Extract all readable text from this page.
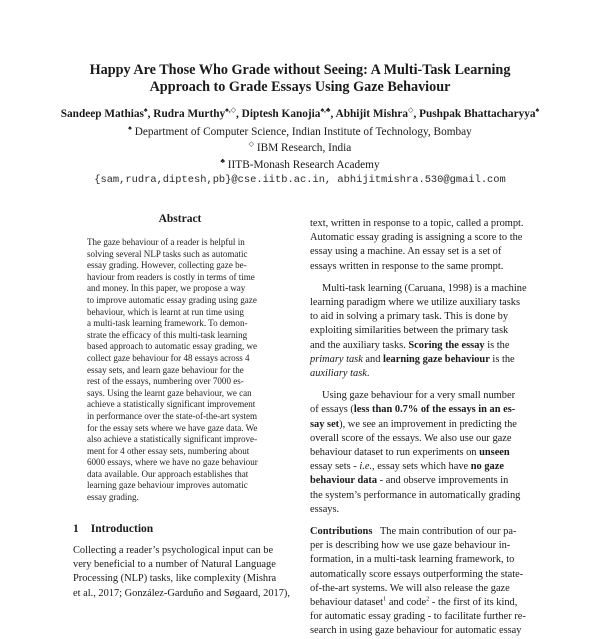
Happy Are Those Who Grade without Seeing: A Multi-Task Learning
Approach to Grade Essays Using Gaze Behaviour
Sandeep Mathias♠, Rudra Murthy♠,◇, Diptesh Kanojia♠,♣, Abhijit Mishra◇, Pushpak Bhattacharyya♠
♠ Department of Computer Science, Indian Institute of Technology, Bombay
◇ IBM Research, India
♣ IITB-Monash Research Academy
{sam,rudra,diptesh,pb}@cse.iitb.ac.in, abhijitmishra.530@gmail.com
Abstract
The gaze behaviour of a reader is helpful in
solving several NLP tasks such as automatic
essay grading. However, collecting gaze be-
haviour from readers is costly in terms of time
and money. In this paper, we propose a way
to improve automatic essay grading using gaze
behaviour, which is learnt at run time using
a multi-task learning framework. To demon-
strate the efficacy of this multi-task learning
based approach to automatic essay grading, we
collect gaze behaviour for 48 essays across 4
essay sets, and learn gaze behaviour for the
rest of the essays, numbering over 7000 es-
says. Using the learnt gaze behaviour, we can
achieve a statistically significant improvement
in performance over the state-of-the-art system
for the essay sets where we have gaze data. We
also achieve a statistically significant improve-
ment for 4 other essay sets, numbering about
6000 essays, where we have no gaze behaviour
data available. Our approach establishes that
learning gaze behaviour improves automatic
essay grading.
1 Introduction
Collecting a reader’s psychological input can be
very beneficial to a number of Natural Language
Processing (NLP) tasks, like complexity (Mishra
et al., 2017; González-Garduño and Søgaard, 2017),
text, written in response to a topic, called a prompt.
Automatic essay grading is assigning a score to the
essay using a machine. An essay set is a set of
essays written in response to the same prompt.
Multi-task learning (Caruana, 1998) is a machine
learning paradigm where we utilize auxiliary tasks
to aid in solving a primary task. This is done by
exploiting similarities between the primary task
and the auxiliary tasks. Scoring the essay is the
primary task and learning gaze behaviour is the
auxiliary task.
Using gaze behaviour for a very small number
of essays (less than 0.7% of the essays in an es-
say set), we see an improvement in predicting the
overall score of the essays. We also use our gaze
behaviour dataset to run experiments on unseen
essay sets - i.e., essay sets which have no gaze
behaviour data - and observe improvements in
the system’s performance in automatically grading
essays.
Contributions   The main contribution of our pa-
per is describing how we use gaze behaviour in-
formation, in a multi-task learning framework, to
automatically score essays outperforming the state-
of-the-art systems. We will also release the gaze
behaviour dataset$^1$ and code$^2$ - the first of its kind,
for automatic essay grading - to facilitate further re-
search in using gaze behaviour for automatic essay
